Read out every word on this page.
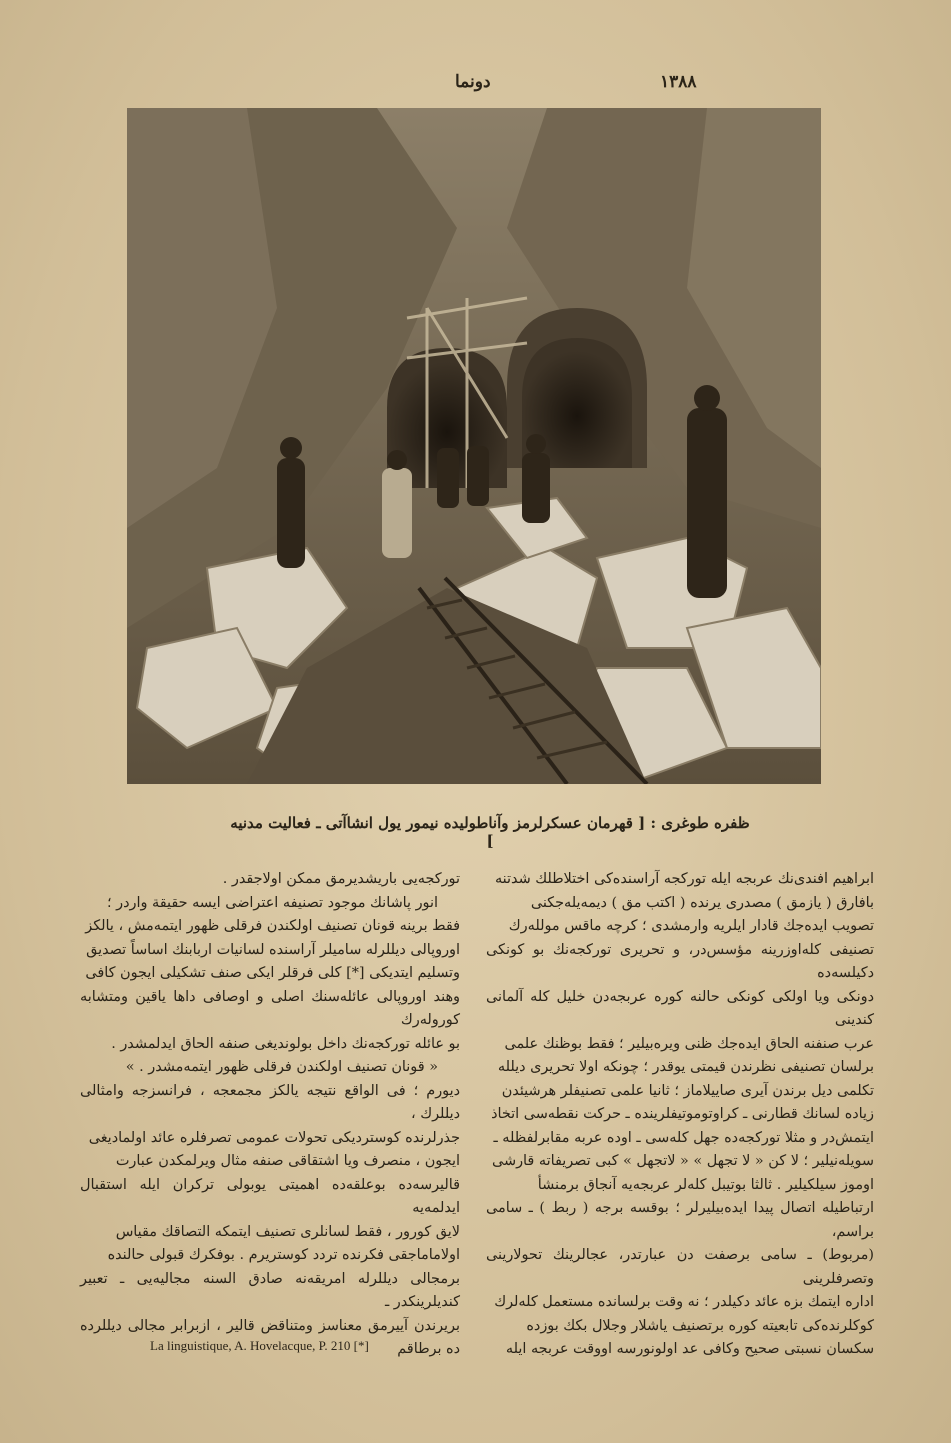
١٣٨٨
دونما
ظفره طوغری : [ قهرمان عسکرلرمز وآناطولیده نیمور یول انشاآتی ـ فعالیت مدنیه ]

ابراهیم افندی‌نك عربجه ایله تورکجه آراسنده‌كی اختلاطلك شدتنه

بافارق ( یازمق ) مصدری یرنده ( اکتب مق ) دیمه‌یله‌جکنی

تصویب ایده‌جك قادار ایلریه وارمشدی ؛ کرچه ماقس موللەرك

تصنیفی کلەاوزرینه‌ مؤسس‌در، و تحریری تورکجه‌نك بو کونکی دکیلسه‌ده

دونکی ویا اولکی کونکی حالنه کوره عربجه‌دن خلیل کله آلمانی کندینی

عرب صنفنه الحاق ایده‌جك ظنی ویره‌بیلیر ؛ فقط بوظنك علمی

برلسان تصنیفی نظرندن قیمتی یوقدر ؛ چونکه اولا تحریری دیلله

تکلمی دیل برندن آیری صاییلاماز ؛ ثانیا علمی تصنیفلر هرشیئدن

زیاده لسانك قطارنی ـ کراوتوموتیفلرینده ـ حرکت نقطه‌سی اتخاذ

ایتمش‌در و مثلا تورکجه‌ده جهل کلەسی ـ اوده عربه مقابرلفظله ـ

سویلەنیلیر ؛ لا کن « لا تجهل » « لاتجهل » کبی تصریفاته قارشی

اوموز سیلکیلیر . ثالثا بوتیبل کلەلر عربجه‌یه آنجاق برمنشأ

ارتباطیله اتصال پیدا ایده‌بیلیرلر ؛ بوقسه برجه ( ربط ) ـ سامی براسم،

(مربوط) ـ سامی برصفت دن عبارتدر، عجالرینك تحولارینی وتصرفلرینی

اداره ایتمك بزه عائد دکیلدر ؛ نه وقت برلسانده مستعمل کله‌لرك

کوکلرنده‌کی تابعیته کوره برتصنیف یاشلار وجلال بکك بوزده

سکسان نسبتی صحیح وکافی عد اولونورسه اووقت عربجه ایله

تورکجه‌یی باریشدیرمق ممکن اولاجقدر .

انور پاشانك موجود تصنیفه اعتراضی ایسه حقیقة واردر ؛

فقط برینه قونان تصنیف اولکندن فرقلی ظهور ایتمه‌مش ، یالکز

اوروپالی دیللرله سامیلر آراسنده لسانیات اربابنك اساساً تصدیق

وتسلیم ایتدیکی [*] کلی فرقلر ایکی صنف تشکیلی ایجون کافی

وهند اوروپالی عائله‌سنك اصلی و اوصافی داها یاقین ومتشابه کورولەرك

بو عائله تورکجه‌نك داخل بولوندیغی صنفه الحاق ایدلمشدر .

« قونان تصنیف اولکندن فرقلی ظهور ایتمه‌مشدر . »

دیورم ؛ فی الواقع نتیجه یالکز مجمعجه ، فرانسزجه وامثالی دیللرك ،

جذرلرنده کوستردیکی تحولات عمومی تصرفلره عائد اولمادیغی

ایجون ، منصرف ویا اشتقاقی صنفه مثال ویرلمکدن عبارت

قالیرسه‌ده بوعلقه‌ده اهمیتی یوبولی ترکران ایله استقبال ایدلمه‌یه

لایق کورور ، فقط لسانلری تصنیف ایتمکه التصاقك مقیاس

اولاماماجقی فکرنده تردد کوستریرم . بوفکرك قبولی حالنده

برمجالی دیللرله امریقه‌نه صادق السنه مجالیه‌یی ـ تعبیر کندیلرینکدر ـ

بریرندن آییرمق معناسز ومتناقض قالیر ، ازبرابر مجالی دیللرده ده برطاقم

La linguistique, A. Hovelacque, P. 210 [*]
